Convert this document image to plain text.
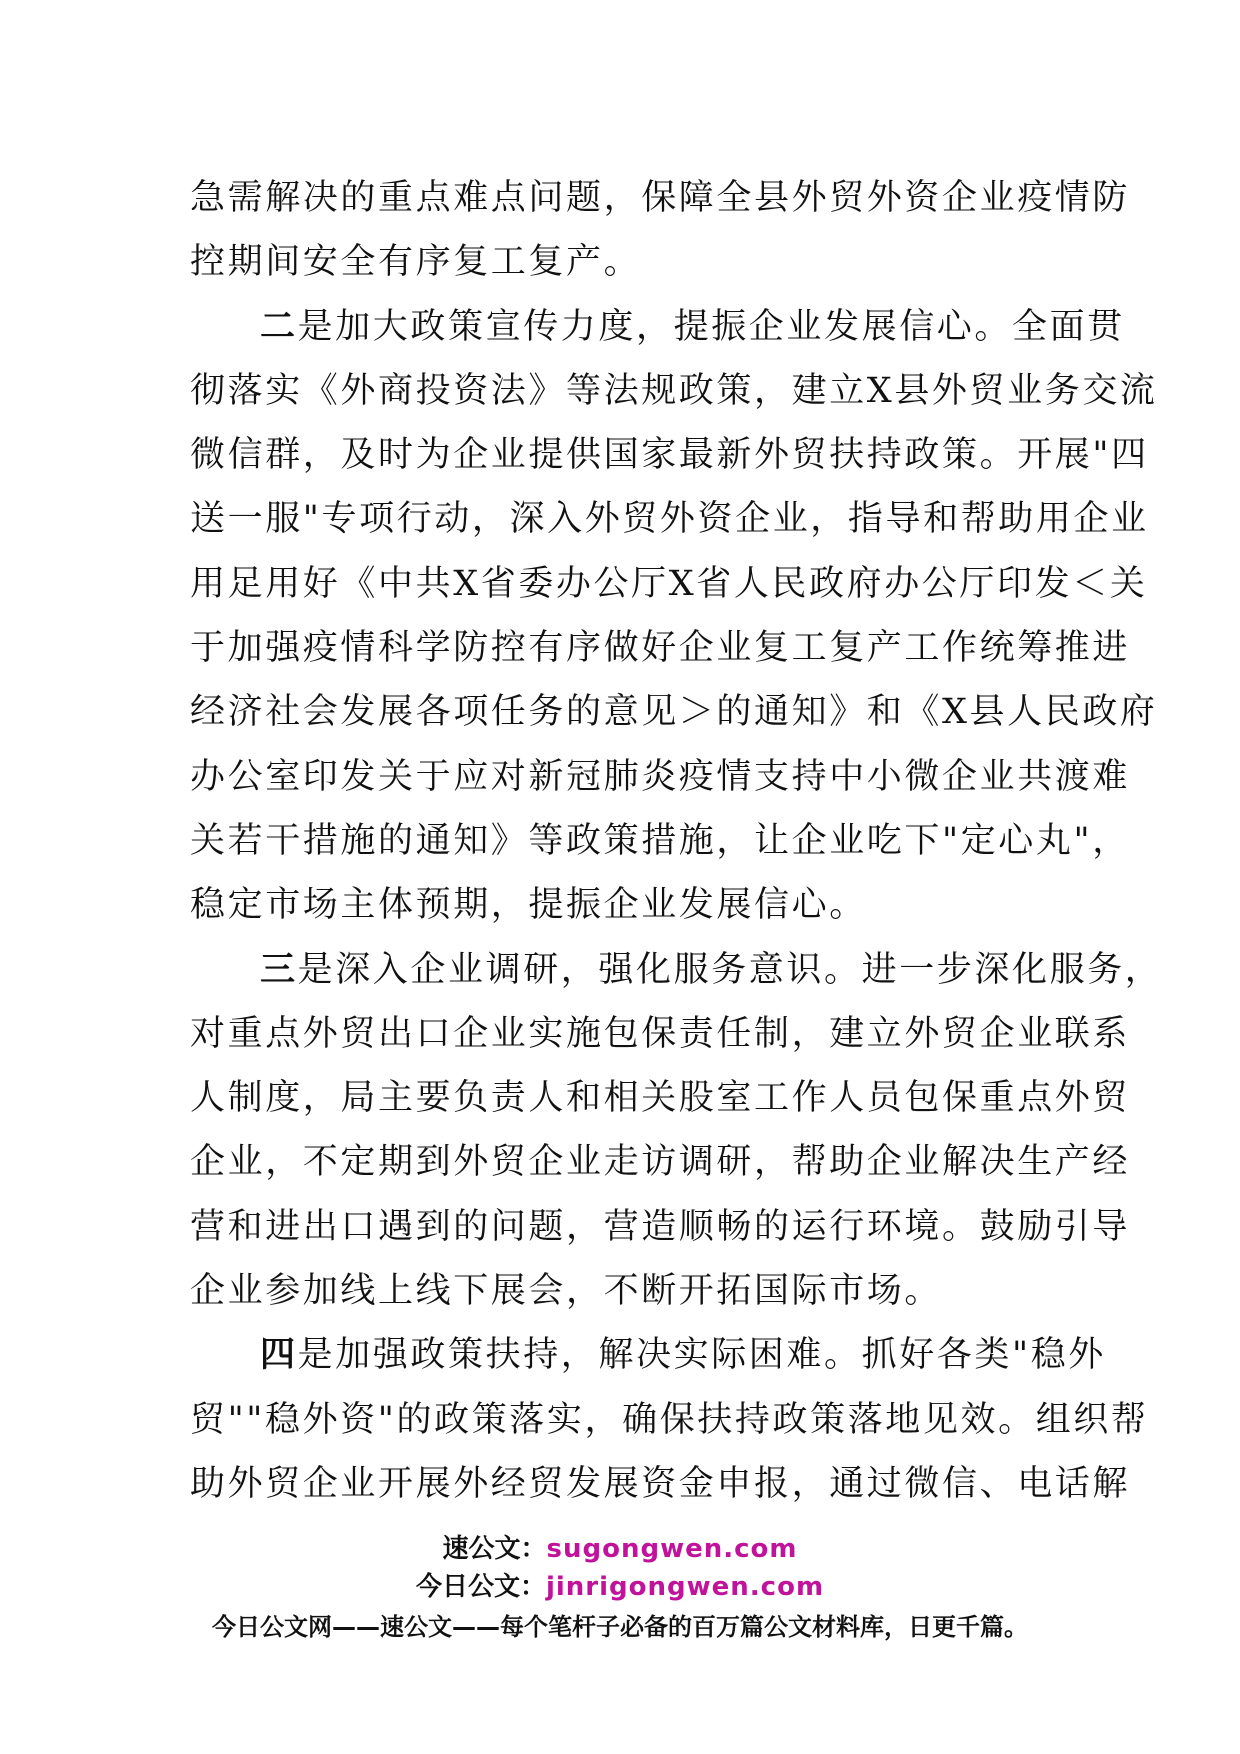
急需解决的重点难点问题，保障全县外贸外资企业疫情防
控期间安全有序复工复产。
二是加大政策宣传力度，提振企业发展信心。全面贯
彻落实《外商投资法》等法规政策，建立X县外贸业务交流
微信群，及时为企业提供国家最新外贸扶持政策。开展"四
送一服"专项行动，深入外贸外资企业，指导和帮助用企业
用足用好《中共X省委办公厅X省人民政府办公厅印发＜关
于加强疫情科学防控有序做好企业复工复产工作统筹推进
经济社会发展各项任务的意见＞的通知》和《X县人民政府
办公室印发关于应对新冠肺炎疫情支持中小微企业共渡难
关若干措施的通知》等政策措施，让企业吃下"定心丸"，
稳定市场主体预期，提振企业发展信心。
三是深入企业调研，强化服务意识。进一步深化服务，
对重点外贸出口企业实施包保责任制，建立外贸企业联系
人制度，局主要负责人和相关股室工作人员包保重点外贸
企业，不定期到外贸企业走访调研，帮助企业解决生产经
营和进出口遇到的问题，营造顺畅的运行环境。鼓励引导
企业参加线上线下展会，不断开拓国际市场。
四是加强政策扶持，解决实际困难。抓好各类"稳外
贸""稳外资"的政策落实，确保扶持政策落地见效。组织帮
助外贸企业开展外经贸发展资金申报，通过微信、电话解
速公文：sugongwen.com
今日公文：jinrigongwen.com
今日公文网——速公文——每个笔杆子必备的百万篇公文材料库，日更千篇。
